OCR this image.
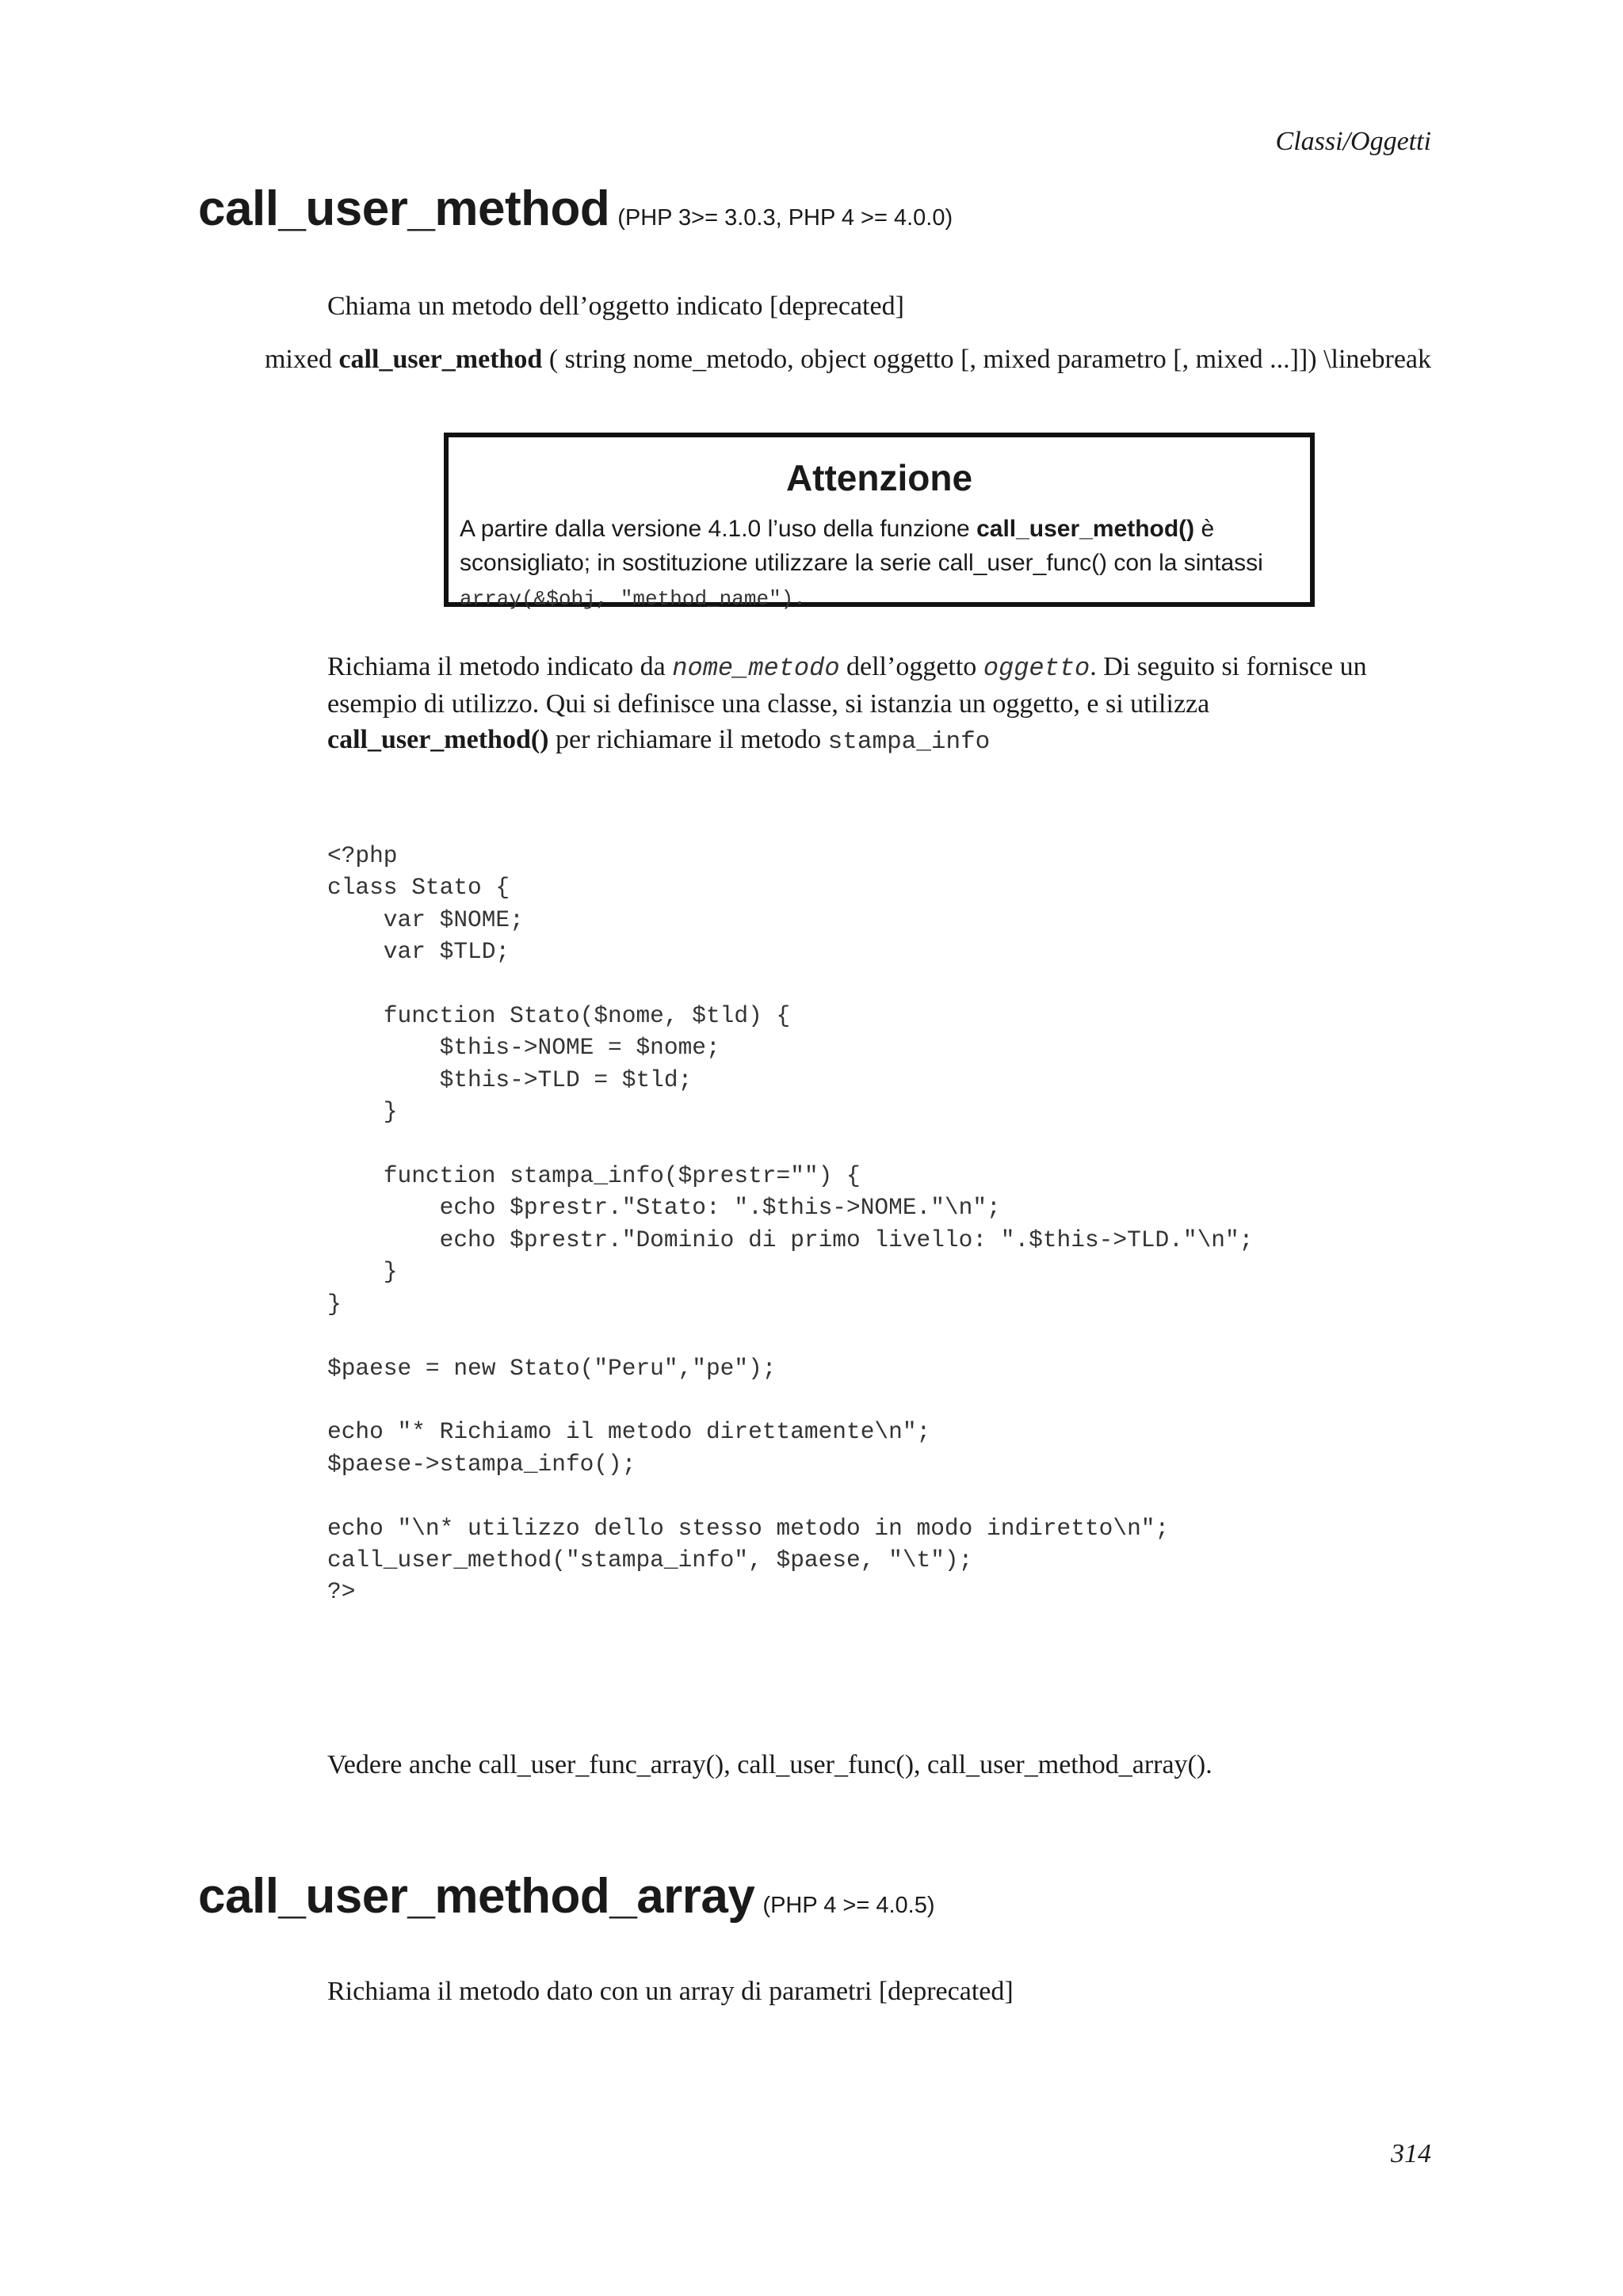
Classi/Oggetti
call_user_method (PHP 3>= 3.0.3, PHP 4 >= 4.0.0)
Chiama un metodo dell’oggetto indicato [deprecated]
mixed call_user_method ( string nome_metodo, object oggetto [, mixed parametro [, mixed ...]]) \linebreak
Attenzione
A partire dalla versione 4.1.0 l’uso della funzione call_user_method() è sconsigliato; in sostituzione utilizzare la serie call_user_func() con la sintassi array(&$obj, "method_name").
Richiama il metodo indicato da nome_metodo dell’oggetto oggetto. Di seguito si fornisce un esempio di utilizzo. Qui si definisce una classe, si istanzia un oggetto, e si utilizza call_user_method() per richiamare il metodo stampa_info
<?php
class Stato {
var $NOME;
var $TLD;

function Stato($nome, $tld) {
$this->NOME = $nome;
$this->TLD = $tld;
}

function stampa_info($prestr="") {
echo $prestr."Stato: ".$this->NOME."\n";
echo $prestr."Dominio di primo livello: ".$this->TLD."\n";
}
}

$paese = new Stato("Peru","pe");

echo "* Richiamo il metodo direttamente\n";
$paese->stampa_info();

echo "\n* utilizzo dello stesso metodo in modo indiretto\n";
call_user_method("stampa_info", $paese, "\t");
?>
Vedere anche call_user_func_array(), call_user_func(), call_user_method_array().
call_user_method_array (PHP 4 >= 4.0.5)
Richiama il metodo dato con un array di parametri [deprecated]
314
